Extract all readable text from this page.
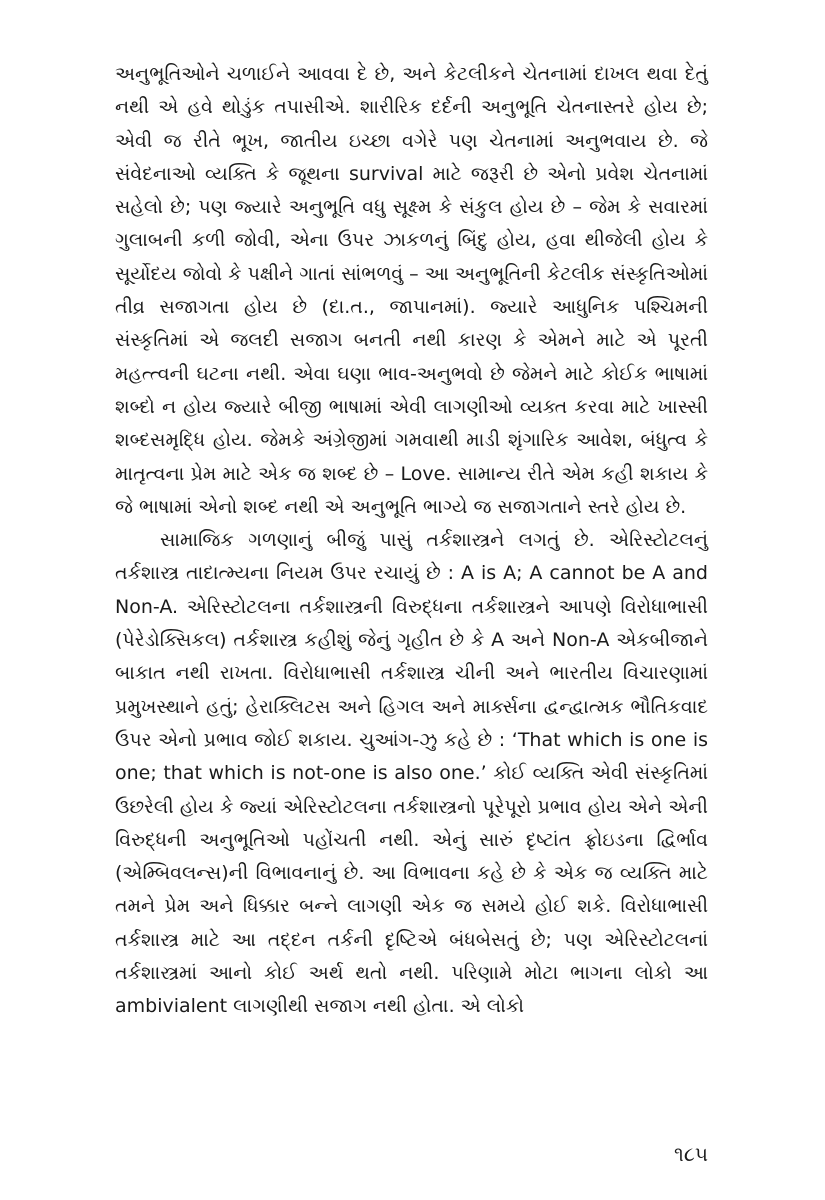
અનુભૂતિઓને ચળાઈને આવવા દે છે, અને કેટલીકને ચેતનામાં દાખલ થવા દેતું નથી એ હવે થોડુંક તપાસીએ. શારીરિક દર્દની અનુભૂતિ ચેતનાસ્તરે હોય છે; એવી જ રીતે ભૂખ, જાતીય ઇચ્છા વગેરે પણ ચેતનામાં અનુભવાય છે. જે સંવેદનાઓ વ્યક્તિ કે જૂથના survival માટે જરૂરી છે એનો પ્રવેશ ચેતનામાં સહેલો છે; પણ જ્યારે અનુભૂતિ વધુ સૂક્ષ્મ કે સંકુલ હોય છે – જેમ કે સવારમાં ગુલાબની કળી જોવી, એના ઉપર ઝાકળનું બિંદુ હોય, હવા થીજેલી હોય કે સૂર્યોદય જોવો કે પક્ષીને ગાતાં સાંભળવું – આ અનુભૂતિની કેટલીક સંસ્કૃતિઓમાં તીવ્ર સજાગતા હોય છે (દા.ત., જાપાનમાં). જ્યારે આધુનિક પશ્ચિમની સંસ્કૃતિમાં એ જલદી સજાગ બનતી નથી કારણ કે એમને માટે એ પૂરતી મહત્ત્વની ઘટના નથી. એવા ઘણા ભાવ-અનુભવો છે જેમને માટે કોઈક ભાષામાં શબ્દો ન હોય જ્યારે બીજી ભાષામાં એવી લાગણીઓ વ્યક્ત કરવા માટે ખાસ્સી શબ્દસમૃદ્ધિ હોય. જેમકે અંગ્રેજીમાં ગમવાથી માડી શૃંગારિક આવેશ, બંધુત્વ કે માતૃત્વના પ્રેમ માટે એક જ શબ્દ છે – Love. સામાન્ય રીતે એમ કહી શકાય કે જે ભાષામાં એનો શબ્દ નથી એ અનુભૂતિ ભાગ્યે જ સજાગતાને સ્તરે હોય છે.

સામાજિક ગળણાનું બીજું પાસું તર્કશાસ્ત્રને લગતું છે. એરિસ્ટોટલનું તર્કશાસ્ત્ર તાદાત્મ્યના નિયમ ઉપર રચાયું છે : A is A; A cannot be A and Non-A. એરિસ્ટોટલના તર્કશાસ્ત્રની વિરુદ્ધના તર્કશાસ્ત્રને આપણે વિરોધાભાસી (પેરેડોક્સિકલ) તર્કશાસ્ત્ર કહીશું જેનું ગૃહીત છે કે A અને Non-A એકબીજાને બાકાત નથી રાખતા. વિરોધાભાસી તર્કશાસ્ત્ર ચીની અને ભારતીય વિચારણામાં પ્રમુખસ્થાને હતું; હેરાક્લિટસ અને હિગલ અને માર્ક્સના દ્વન્દ્વાત્મક ભૌતિકવાદ ઉપર એનો પ્રભાવ જોઈ શકાય. ચુઆંગ-ઝુ કહે છે : ‘That which is one is one; that which is not-one is also one.’ કોઈ વ્યક્તિ એવી સંસ્કૃતિમાં ઉછરેલી હોય કે જ્યાં એરિસ્ટોટલના તર્કશાસ્ત્રનો પૂરેપૂરો પ્રભાવ હોય એને એની વિરુદ્ધની અનુભૂતિઓ પહોંચતી નથી. એનું સારું દૃષ્ટાંત ફ્રોઇડના દ્વિર્ભાવ (એમ્બિવલન્સ)ની વિભાવનાનું છે. આ વિભાવના કહે છે કે એક જ વ્યક્તિ માટે તમને પ્રેમ અને ધિક્કાર બન્ને લાગણી એક જ સમયે હોઈ શકે. વિરોધાભાસી તર્કશાસ્ત્ર માટે આ તદ્દન તર્કની દૃષ્ટિએ બંધબેસતું છે; પણ એરિસ્ટોટલનાં તર્કશાસ્ત્રમાં આનો કોઈ અર્થ થતો નથી. પરિણામે મોટા ભાગના લોકો આ ambivialent લાગણીથી સજાગ નથી હોતા. એ લોકો

૧૮૫
